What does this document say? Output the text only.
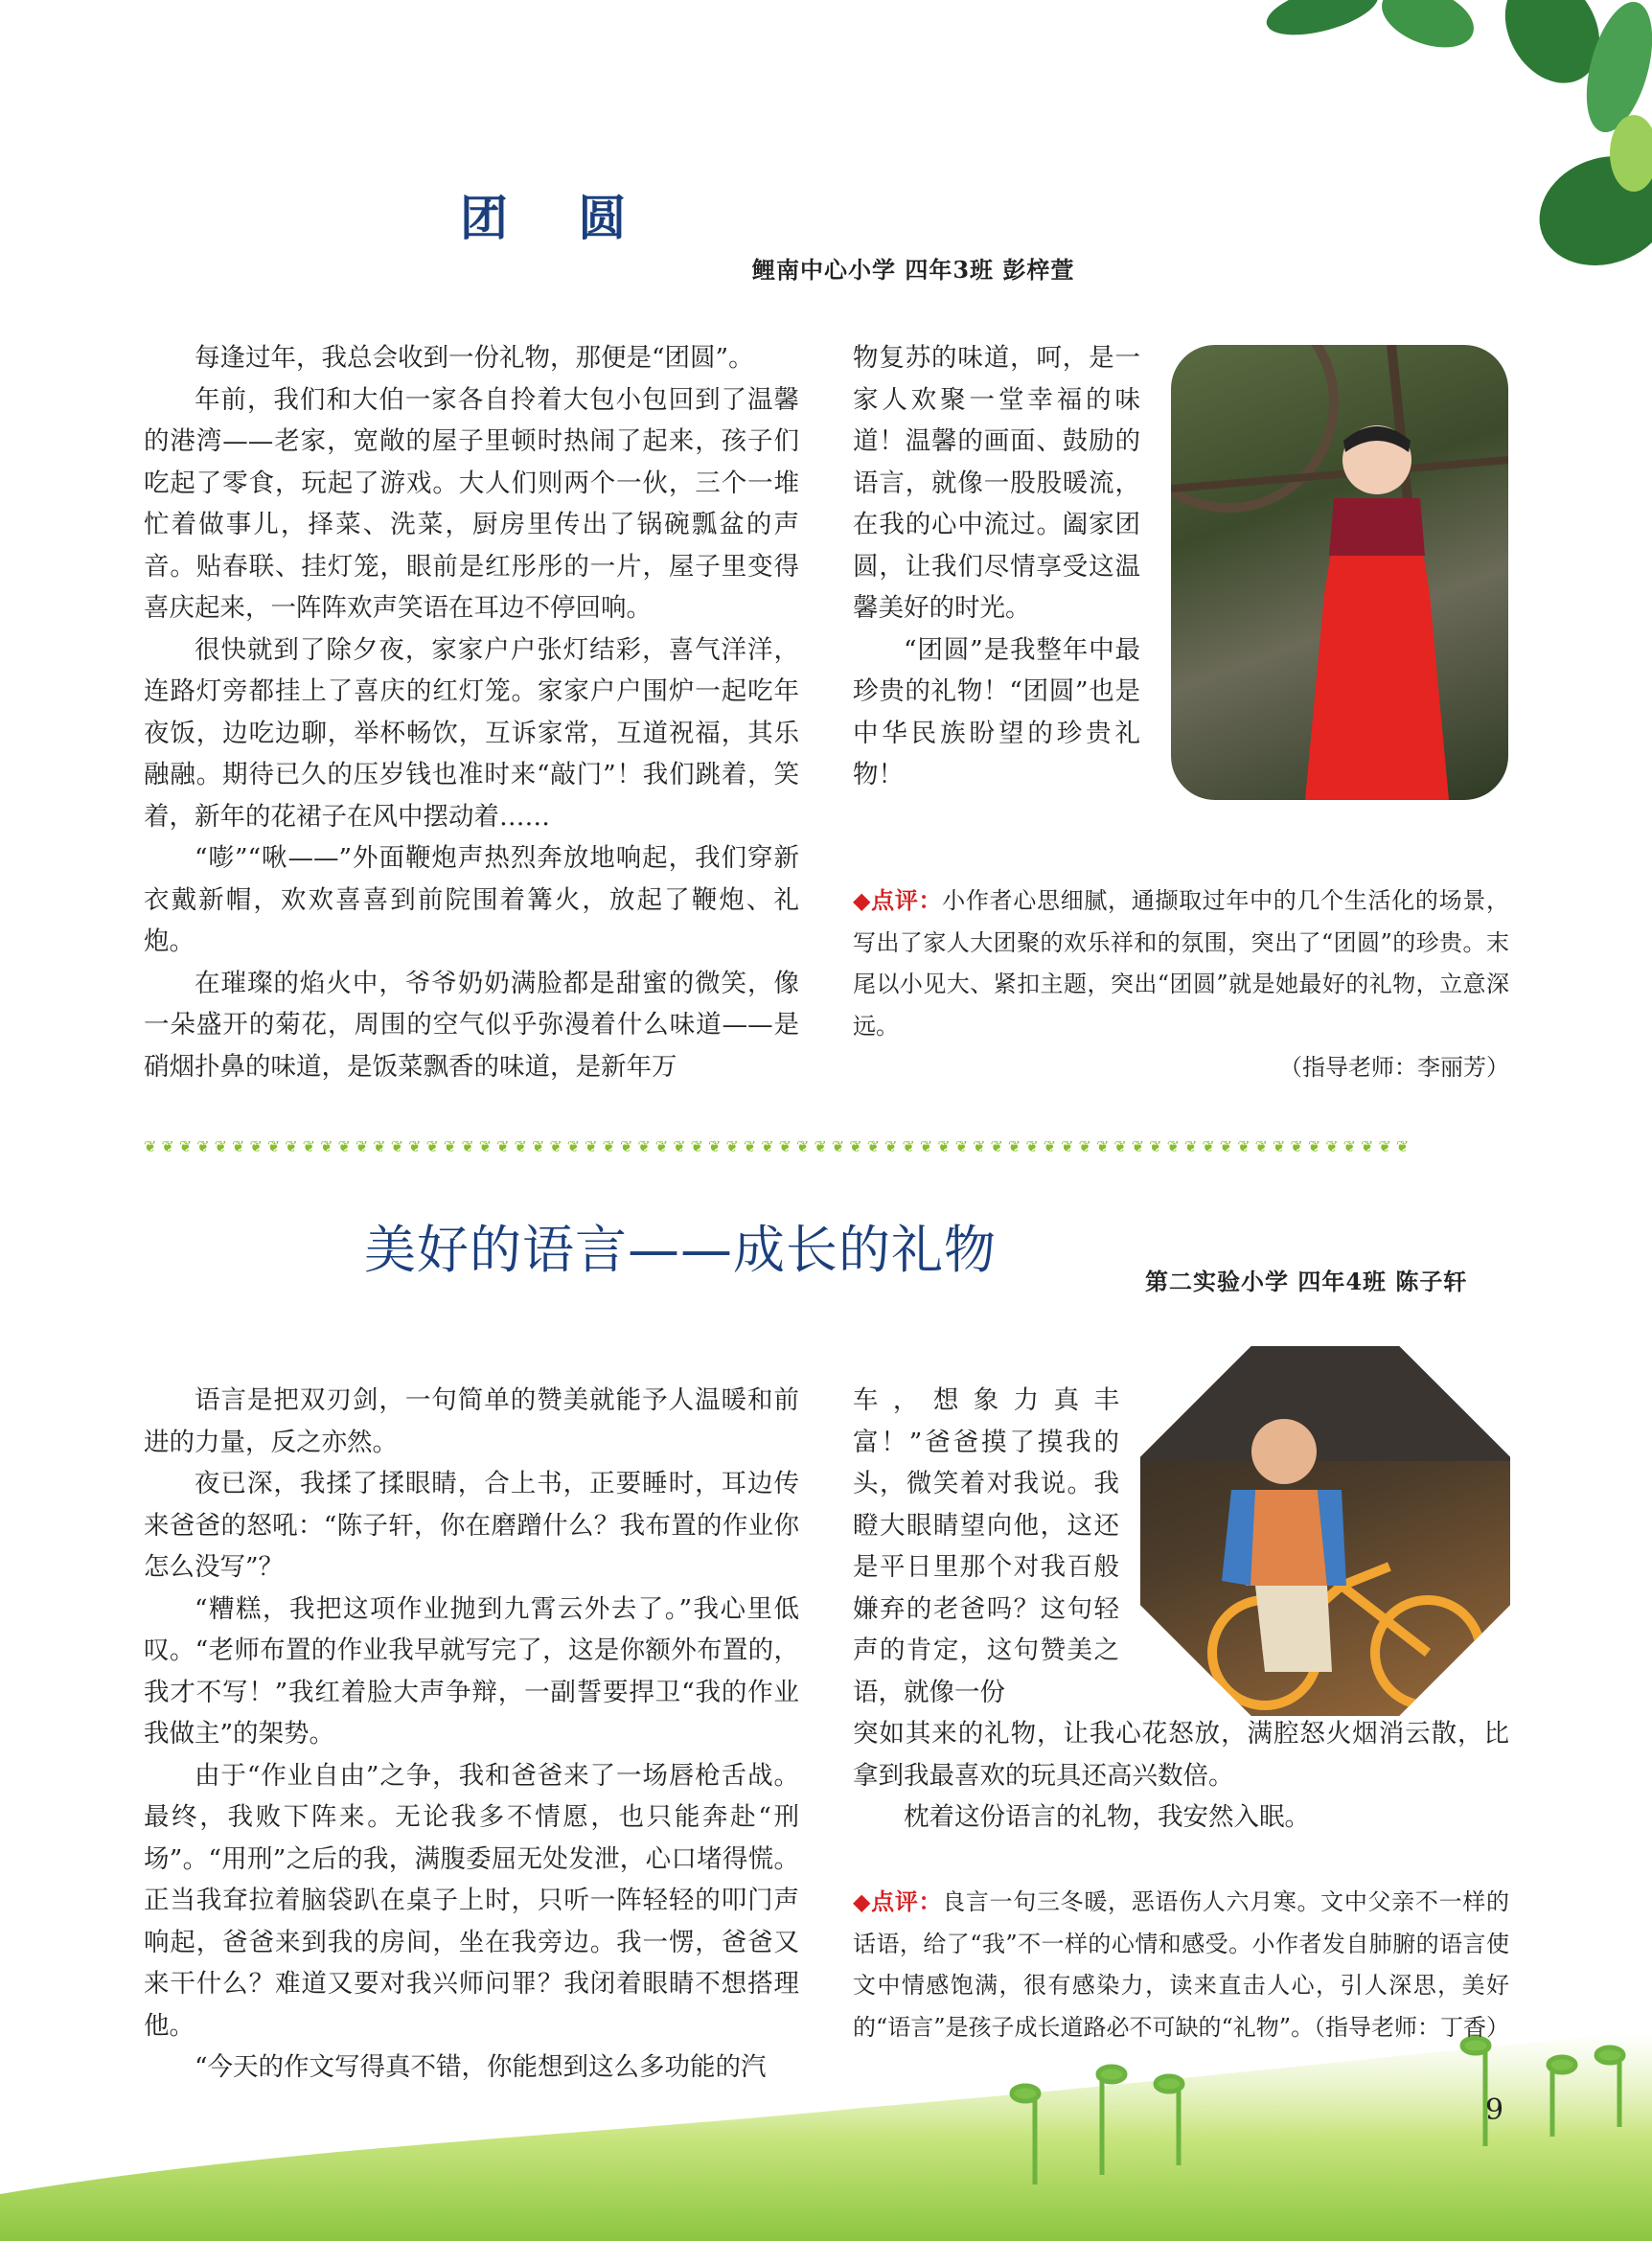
团 圆
鲤南中心小学 四年3班 彭梓萱

每逢过年，我总会收到一份礼物，那便是“团圆”。

年前，我们和大伯一家各自拎着大包小包回到了温馨的港湾——老家，宽敞的屋子里顿时热闹了起来，孩子们吃起了零食，玩起了游戏。大人们则两个一伙，三个一堆忙着做事儿，择菜、洗菜，厨房里传出了锅碗瓢盆的声音。贴春联、挂灯笼，眼前是红彤彤的一片，屋子里变得喜庆起来，一阵阵欢声笑语在耳边不停回响。

很快就到了除夕夜，家家户户张灯结彩，喜气洋洋，连路灯旁都挂上了喜庆的红灯笼。家家户户围炉一起吃年夜饭，边吃边聊，举杯畅饮，互诉家常，互道祝福，其乐融融。期待已久的压岁钱也准时来“敲门”！我们跳着，笑着，新年的花裙子在风中摆动着……

“嘭”“啾——”外面鞭炮声热烈奔放地响起，我们穿新衣戴新帽，欢欢喜喜到前院围着篝火，放起了鞭炮、礼炮。

在璀璨的焰火中，爷爷奶奶满脸都是甜蜜的微笑，像一朵盛开的菊花，周围的空气似乎弥漫着什么味道——是硝烟扑鼻的味道，是饭菜飘香的味道，是新年万

物复苏的味道，呵，是一家人欢聚一堂幸福的味道！温馨的画面、鼓励的语言，就像一股股暖流，在我的心中流过。阖家团圆，让我们尽情享受这温馨美好的时光。

“团圆”是我整年中最珍贵的礼物！“团圆”也是中华民族盼望的珍贵礼物！

◆点评：小作者心思细腻，通撷取过年中的几个生活化的场景，写出了家人大团聚的欢乐祥和的氛围，突出了“团圆”的珍贵。末尾以小见大、紧扣主题，突出“团圆”就是她最好的礼物，立意深远。
（指导老师：李丽芳）
❦❦❦❦❦❦❦❦❦❦❦❦❦❦❦❦❦❦❦❦❦❦❦❦❦❦❦❦❦❦❦❦❦❦❦❦❦❦❦❦❦❦❦❦❦❦❦❦❦❦❦❦❦❦❦❦❦❦❦❦❦❦❦❦❦❦❦❦❦❦❦❦
美好的语言——成长的礼物
第二实验小学 四年4班 陈子轩

语言是把双刃剑，一句简单的赞美就能予人温暖和前进的力量，反之亦然。

夜已深，我揉了揉眼睛，合上书，正要睡时，耳边传来爸爸的怒吼：“陈子轩，你在磨蹭什么？我布置的作业你怎么没写”？

“糟糕，我把这项作业抛到九霄云外去了。”我心里低叹。“老师布置的作业我早就写完了，这是你额外布置的，我才不写！”我红着脸大声争辩，一副誓要捍卫“我的作业我做主”的架势。

由于“作业自由”之争，我和爸爸来了一场唇枪舌战。最终，我败下阵来。无论我多不情愿，也只能奔赴“刑场”。“用刑”之后的我，满腹委屈无处发泄，心口堵得慌。正当我耷拉着脑袋趴在桌子上时，只听一阵轻轻的叩门声响起，爸爸来到我的房间，坐在我旁边。我一愣，爸爸又来干什么？难道又要对我兴师问罪？我闭着眼睛不想搭理他。

“今天的作文写得真不错，你能想到这么多功能的汽

车，想象力真丰富！”爸爸摸了摸我的头，微笑着对我说。我瞪大眼睛望向他，这还是平日里那个对我百般嫌弃的老爸吗？这句轻声的肯定，这句赞美之语，就像一份

突如其来的礼物，让我心花怒放，满腔怒火烟消云散，比拿到我最喜欢的玩具还高兴数倍。

枕着这份语言的礼物，我安然入眠。

◆点评：良言一句三冬暖，恶语伤人六月寒。文中父亲不一样的话语，给了“我”不一样的心情和感受。小作者发自肺腑的语言使文中情感饱满，很有感染力，读来直击人心，引人深思，美好的“语言”是孩子成长道路必不可缺的“礼物”。
（指导老师：丁香）
9
